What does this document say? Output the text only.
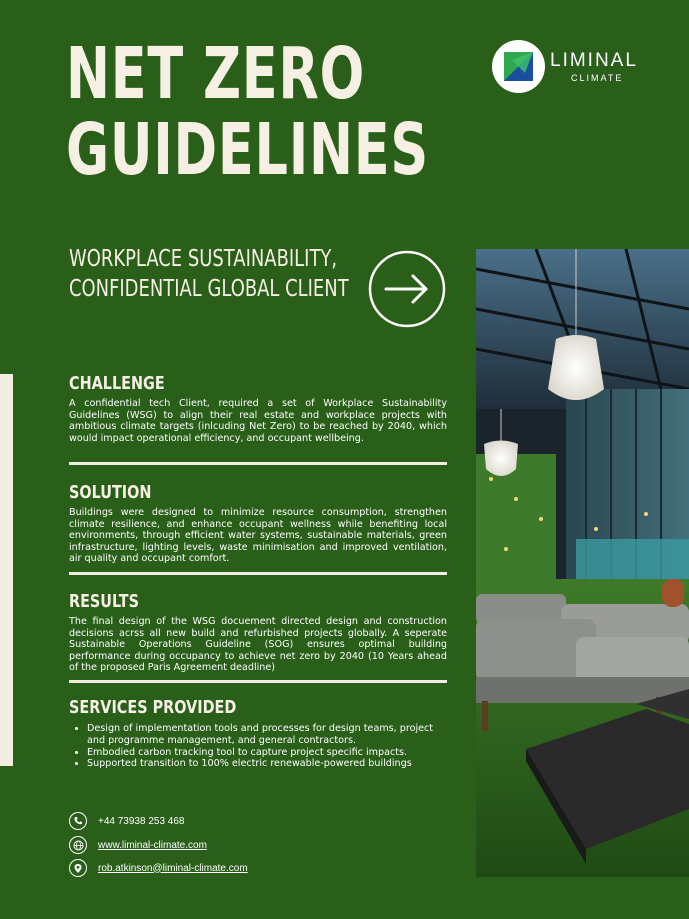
NET ZERO
GUIDELINES
LIMINAL
CLIMATE
WORKPLACE SUSTAINABILITY,
CONFIDENTIAL GLOBAL CLIENT
CHALLENGE

A confidential tech Client, required a set of Workplace Sustainability Guidelines (WSG) to align their real estate and workplace projects with ambitious climate targets (inlcuding Net Zero) to be reached by 2040, which would impact operational efficiency, and occupant wellbeing.

SOLUTION

Buildings were designed to minimize resource consumption, strengthen climate resilience, and enhance occupant wellness while benefiting local environments, through efficient water systems, sustainable materials, green infrastructure, lighting levels, waste minimisation and improved ventilation, air quality and occupant comfort.

RESULTS

The final design of the WSG docuement directed design and construction decisions acrss all new build and refurbished projects globally. A seperate Sustainable Operations Guideline (SOG) ensures optimal building performance during occupancy to achieve net zero by 2040 (10 Years ahead of the proposed Paris Agreement deadline)

SERVICES PROVIDED
• Design of implementation tools and processes for design teams, project and programme management, and general contractors.
• Embodied carbon tracking tool to capture project specific impacts.
• Supported transition to 100% electric renewable-powered buildings
+44 73938 253 468
www.liminal-climate.com
rob.atkinson@liminal-climate.com
